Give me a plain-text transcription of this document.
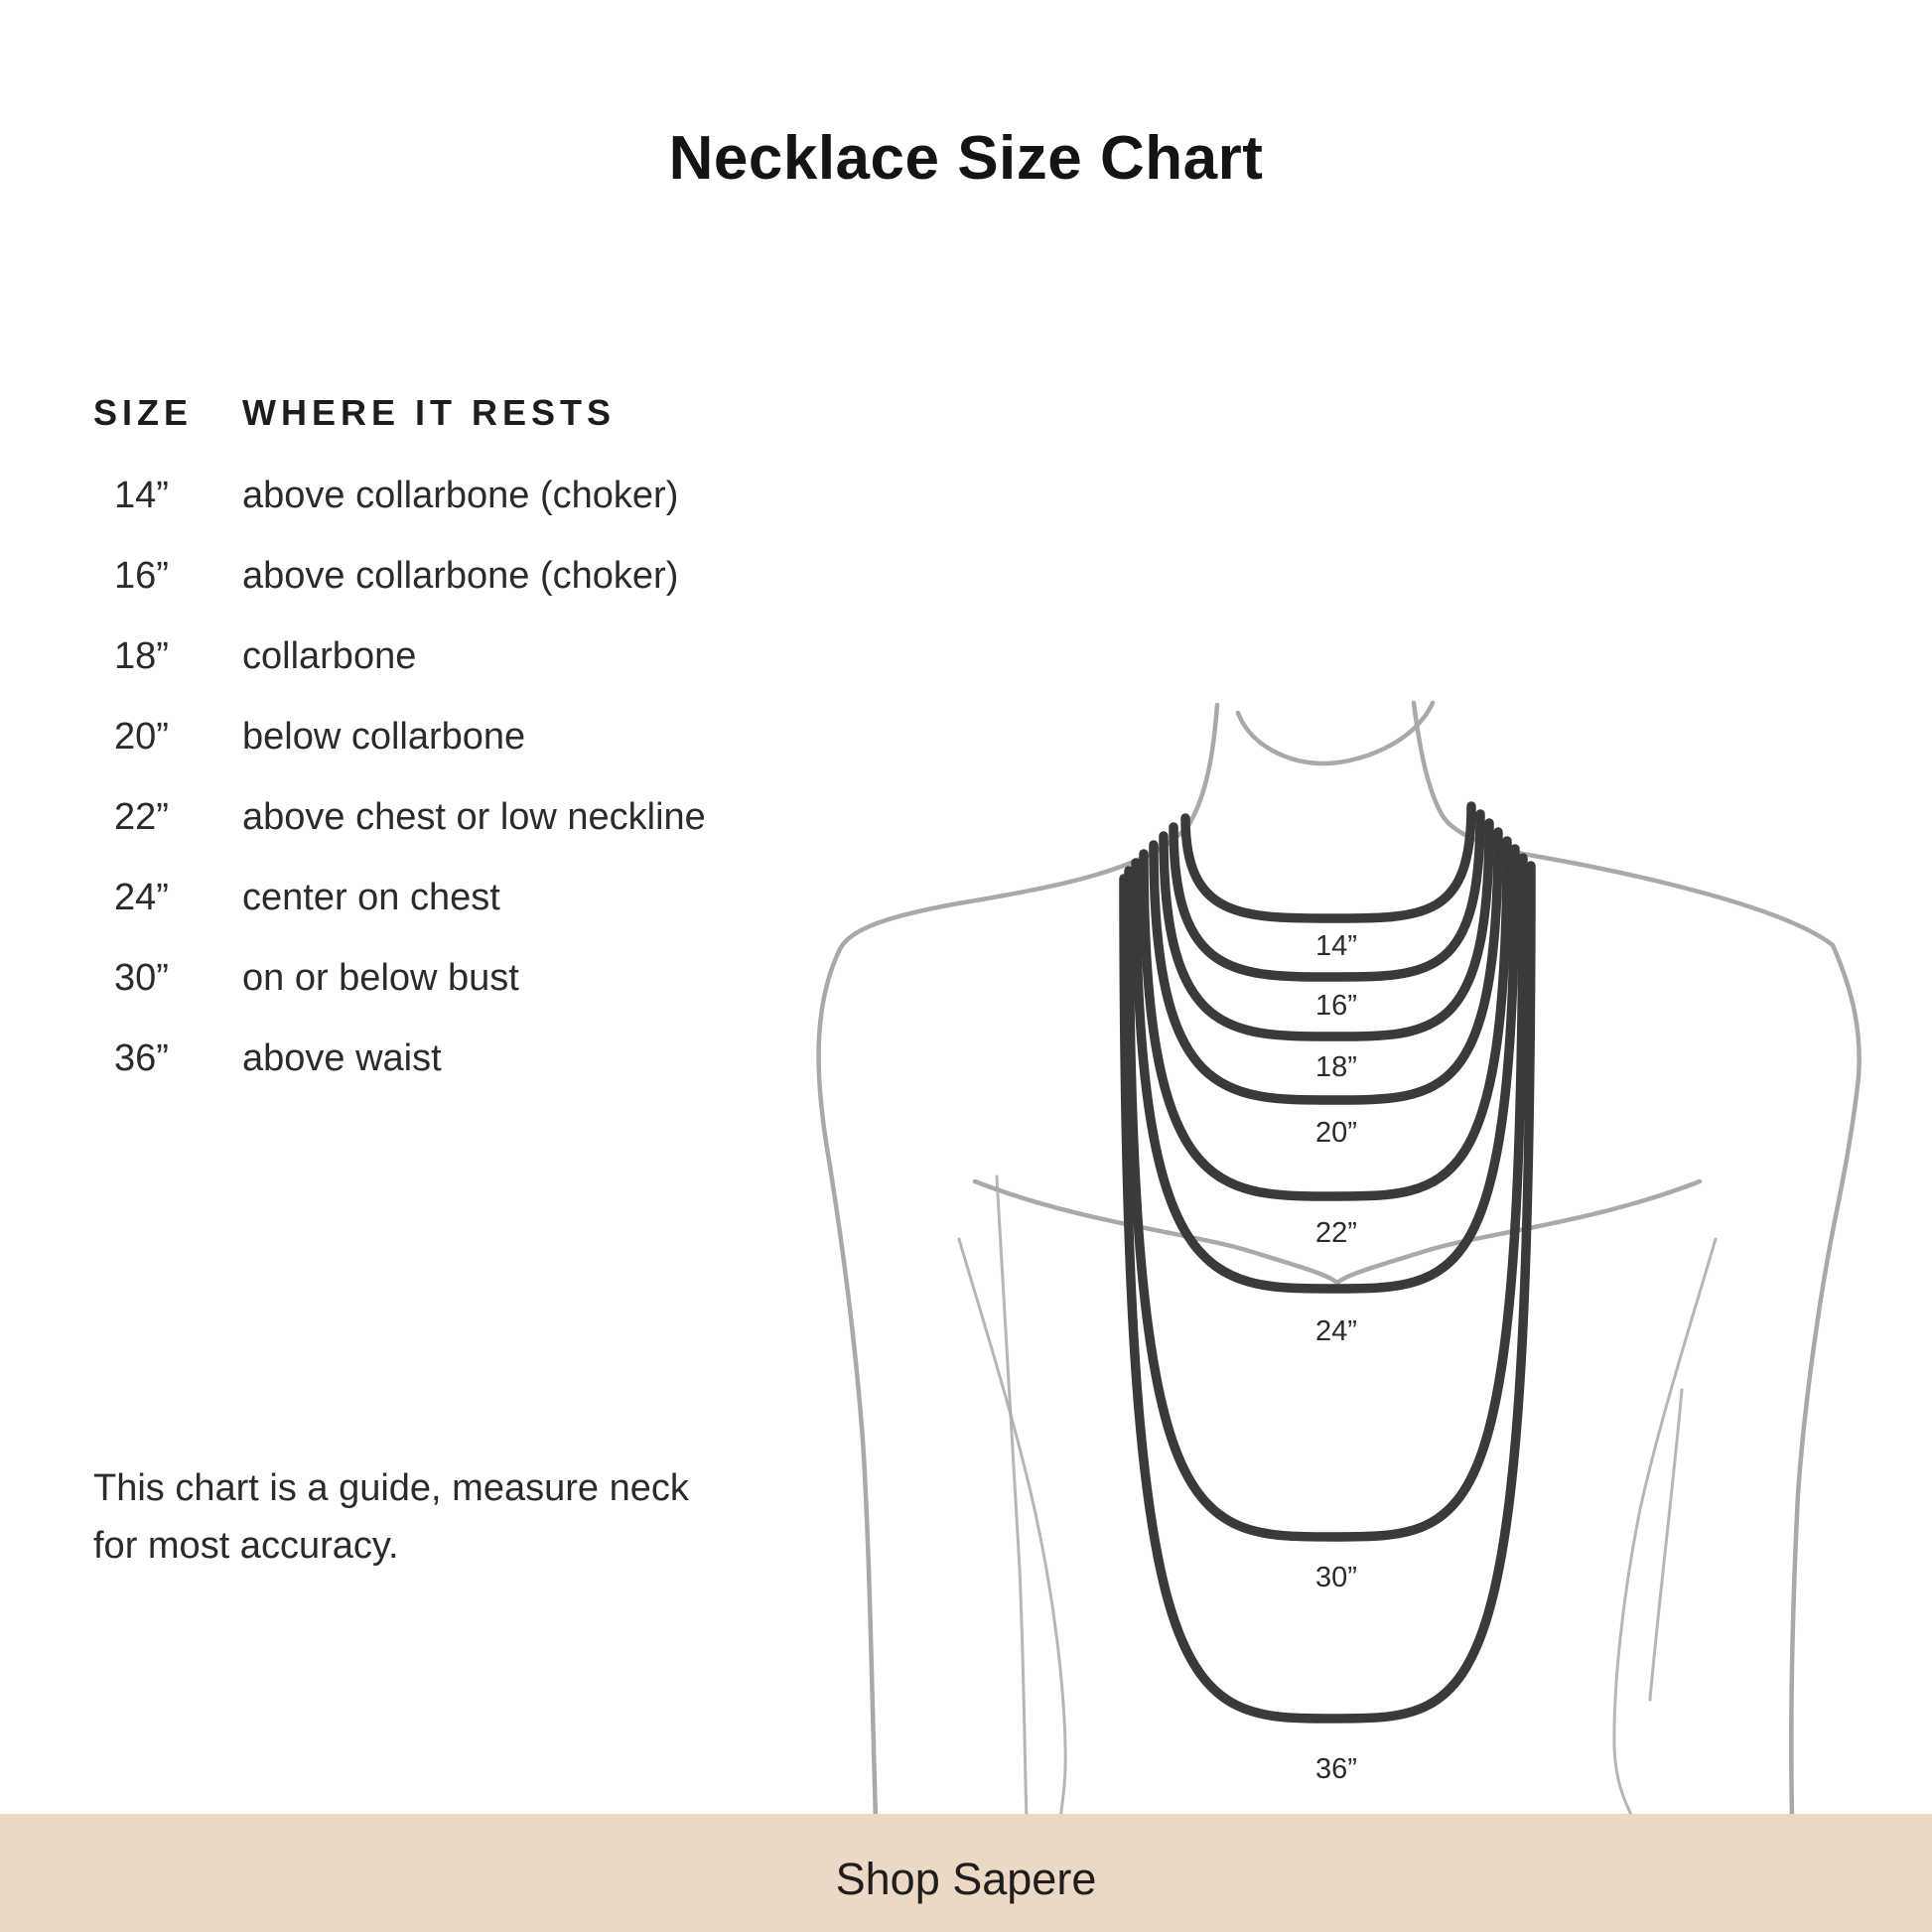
Necklace Size Chart
SIZE	WHERE IT RESTS
14”	above collarbone (choker)
16”	above collarbone (choker)
18”	collarbone
20”	below collarbone
22”	above chest or low neckline
24”	center on chest
30”	on or below bust
36”	above waist
This chart is a guide, measure neck
for most accuracy.
14”
16”
18”
20”
22”
24”
30”
36”
Shop Sapere
